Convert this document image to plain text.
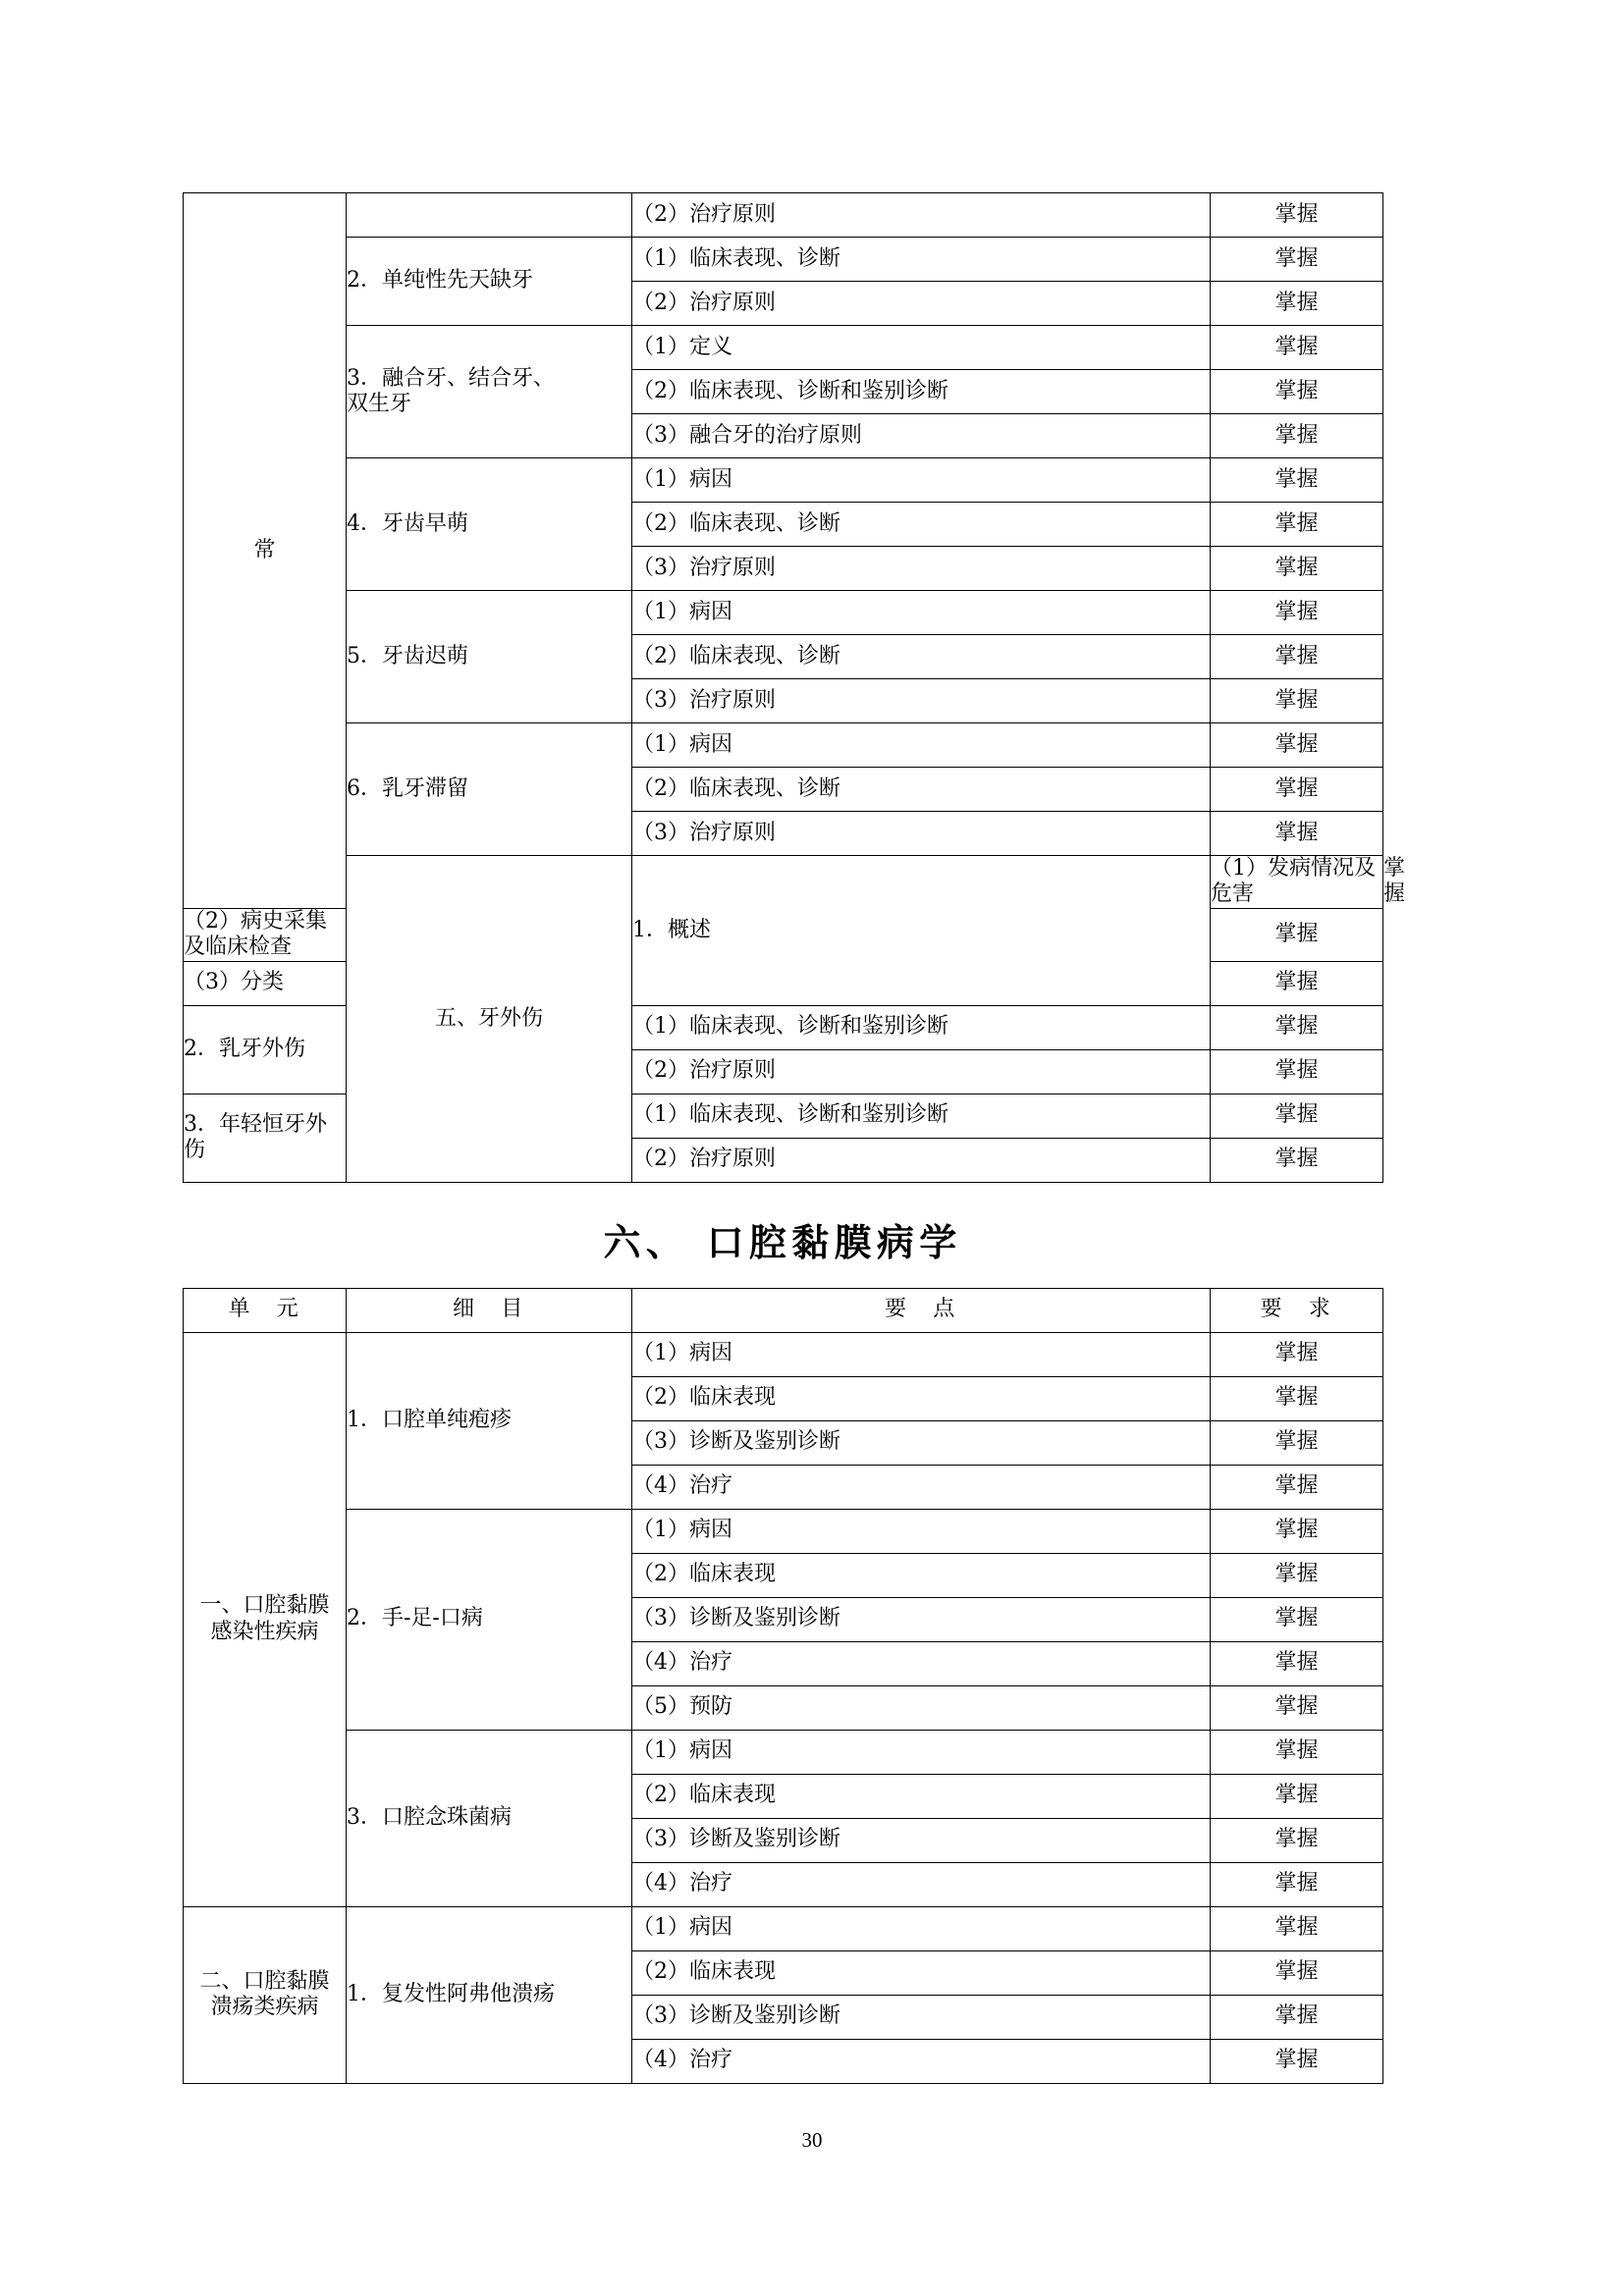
常		（2）治疗原则	掌握	

	2．单纯性先天缺牙	（1）临床表现、诊断	掌握	
		（2）治疗原则	掌握	

	3．融合牙、结合牙、
双生牙	（1）定义	掌握	
		（2）临床表现、诊断和鉴别诊断	掌握	
		（3）融合牙的治疗原则	掌握	

	4．牙齿早萌	（1）病因	掌握	
		（2）临床表现、诊断	掌握	
		（3）治疗原则	掌握	

	5．牙齿迟萌	（1）病因	掌握	
		（2）临床表现、诊断	掌握	
		（3）治疗原则	掌握	

	6．乳牙滞留	（1）病因	掌握	
		（2）临床表现、诊断	掌握	
		（3）治疗原则	掌握	
	五、牙外伤	1．概述	（1）发病情况及危害	掌握
（2）病史采集及临床检查			掌握	
（3）分类			掌握	

2．乳牙外伤		（1）临床表现、诊断和鉴别诊断	掌握	
		（2）治疗原则	掌握	

3．年轻恒牙外伤		（1）临床表现、诊断和鉴别诊断	掌握	
		（2）治疗原则	掌握	
六、 口腔黏膜病学
单　元	细　目	要　点	要　求

一、口腔黏膜
感染性疾病	1．口腔单纯疱疹	（1）病因	掌握
		（2）临床表现	掌握
		（3）诊断及鉴别诊断	掌握
		（4）治疗	掌握
	2．手-足-口病	（1）病因	掌握
		（2）临床表现	掌握
		（3）诊断及鉴别诊断	掌握
		（4）治疗	掌握
		（5）预防	掌握
	3．口腔念珠菌病	（1）病因	掌握
		（2）临床表现	掌握
		（3）诊断及鉴别诊断	掌握
		（4）治疗	掌握

二、口腔黏膜
溃疡类疾病	1．复发性阿弗他溃疡	（1）病因	掌握
		（2）临床表现	掌握
		（3）诊断及鉴别诊断	掌握
		（4）治疗	掌握
30
